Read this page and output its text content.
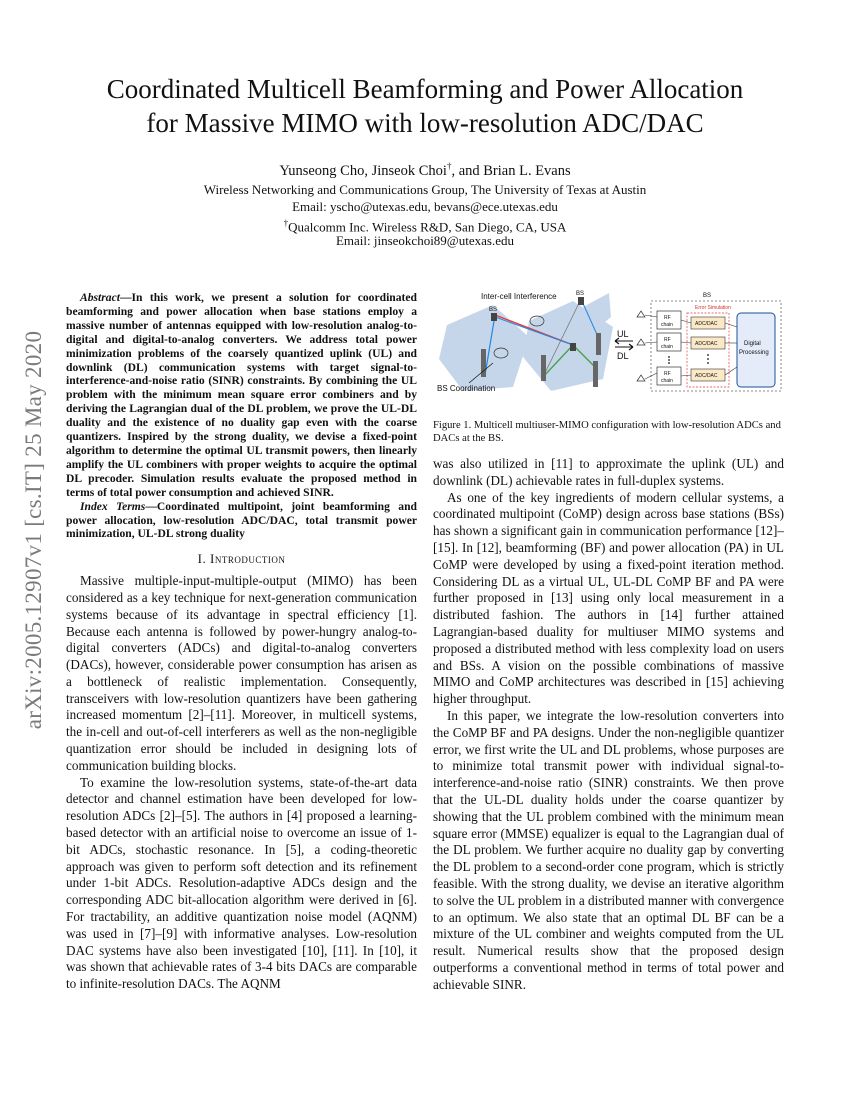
arXiv:2005.12907v1 [cs.IT] 25 May 2020
Coordinated Multicell Beamforming and Power Allocation
for Massive MIMO with low-resolution ADC/DAC
Yunseong Cho, Jinseok Choi†, and Brian L. Evans
Wireless Networking and Communications Group, The University of Texas at Austin
Email: yscho@utexas.edu, bevans@ece.utexas.edu
†Qualcomm Inc. Wireless R&D, San Diego, CA, USA
Email: jinseokchoi89@utexas.edu
Abstract—In this work, we present a solution for coordinated beamforming and power allocation when base stations employ a massive number of antennas equipped with low-resolution analog-to-digital and digital-to-analog converters. We address total power minimization problems of the coarsely quantized uplink (UL) and downlink (DL) communication systems with target signal-to-interference-and-noise ratio (SINR) constraints. By combining the UL problem with the minimum mean square error combiners and by deriving the Lagrangian dual of the DL problem, we prove the UL-DL duality and the existence of no duality gap even with the coarse quantizers. Inspired by the strong duality, we devise a fixed-point algorithm to determine the optimal UL transmit powers, then linearly amplify the UL combiners with proper weights to acquire the optimal DL precoder. Simulation results evaluate the proposed method in terms of total power consumption and achieved SINR.
Index Terms—Coordinated multipoint, joint beamforming and power allocation, low-resolution ADC/DAC, total transmit power minimization, UL-DL strong duality
I. Introduction

Massive multiple-input-multiple-output (MIMO) has been considered as a key technique for next-generation communication systems because of its advantage in spectral efficiency [1]. Because each antenna is followed by power-hungry analog-to-digital converters (ADCs) and digital-to-analog converters (DACs), however, considerable power consumption has arisen as a bottleneck of realistic implementation. Consequently, transceivers with low-resolution quantizers have been gathering increased momentum [2]–[11]. Moreover, in multicell systems, the in-cell and out-of-cell interferers as well as the non-negligible quantization error should be included in designing lots of communication building blocks.

To examine the low-resolution systems, state-of-the-art data detector and channel estimation have been developed for low-resolution ADCs [2]–[5]. The authors in [4] proposed a learning-based detector with an artificial noise to overcome an issue of 1-bit ADCs, stochastic resonance. In [5], a coding-theoretic approach was given to perform soft detection and its refinement under 1-bit ADCs. Resolution-adaptive ADCs design and the corresponding ADC bit-allocation algorithm were derived in [6]. For tractability, an additive quantization noise model (AQNM) was used in [7]–[9] with informative analyses. Low-resolution DAC systems have also been investigated [10], [11]. In [10], it was shown that achievable rates of 3-4 bits DACs are comparable to infinite-resolution DACs. The AQNM

Inter-cell Interference
BS
BS
BS Coordination
UL
DL
BS
Error Simulation
RF
chain
RF
chain
RF
chain
ADC/DAC
ADC/DAC
ADC/DAC
Digital
Processing
Figure 1. Multicell multiuser-MIMO configuration with low-resolution ADCs and DACs at the BS.

was also utilized in [11] to approximate the uplink (UL) and downlink (DL) achievable rates in full-duplex systems.

As one of the key ingredients of modern cellular systems, a coordinated multipoint (CoMP) design across base stations (BSs) has shown a significant gain in communication performance [12]–[15]. In [12], beamforming (BF) and power allocation (PA) in UL CoMP were developed by using a fixed-point iteration method. Considering DL as a virtual UL, UL-DL CoMP BF and PA were further proposed in [13] using only local measurement in a distributed fashion. The authors in [14] further attained Lagrangian-based duality for multiuser MIMO systems and proposed a distributed method with less complexity load on users and BSs. A vision on the possible combinations of massive MIMO and CoMP architectures was described in [15] achieving higher throughput.

In this paper, we integrate the low-resolution converters into the CoMP BF and PA designs. Under the non-negligible quantizer error, we first write the UL and DL problems, whose purposes are to minimize total transmit power with individual signal-to-interference-and-noise ratio (SINR) constraints. We then prove that the UL-DL duality holds under the coarse quantizer by showing that the UL problem combined with the minimum mean square error (MMSE) equalizer is equal to the Lagrangian dual of the DL problem. We further acquire no duality gap by converting the DL problem to a second-order cone program, which is strictly feasible. With the strong duality, we devise an iterative algorithm to solve the UL problem in a distributed manner with convergence to an optimum. We also state that an optimal DL BF can be a mixture of the UL combiner and weights computed from the UL result. Numerical results show that the proposed design outperforms a conventional method in terms of total power and achievable SINR.
